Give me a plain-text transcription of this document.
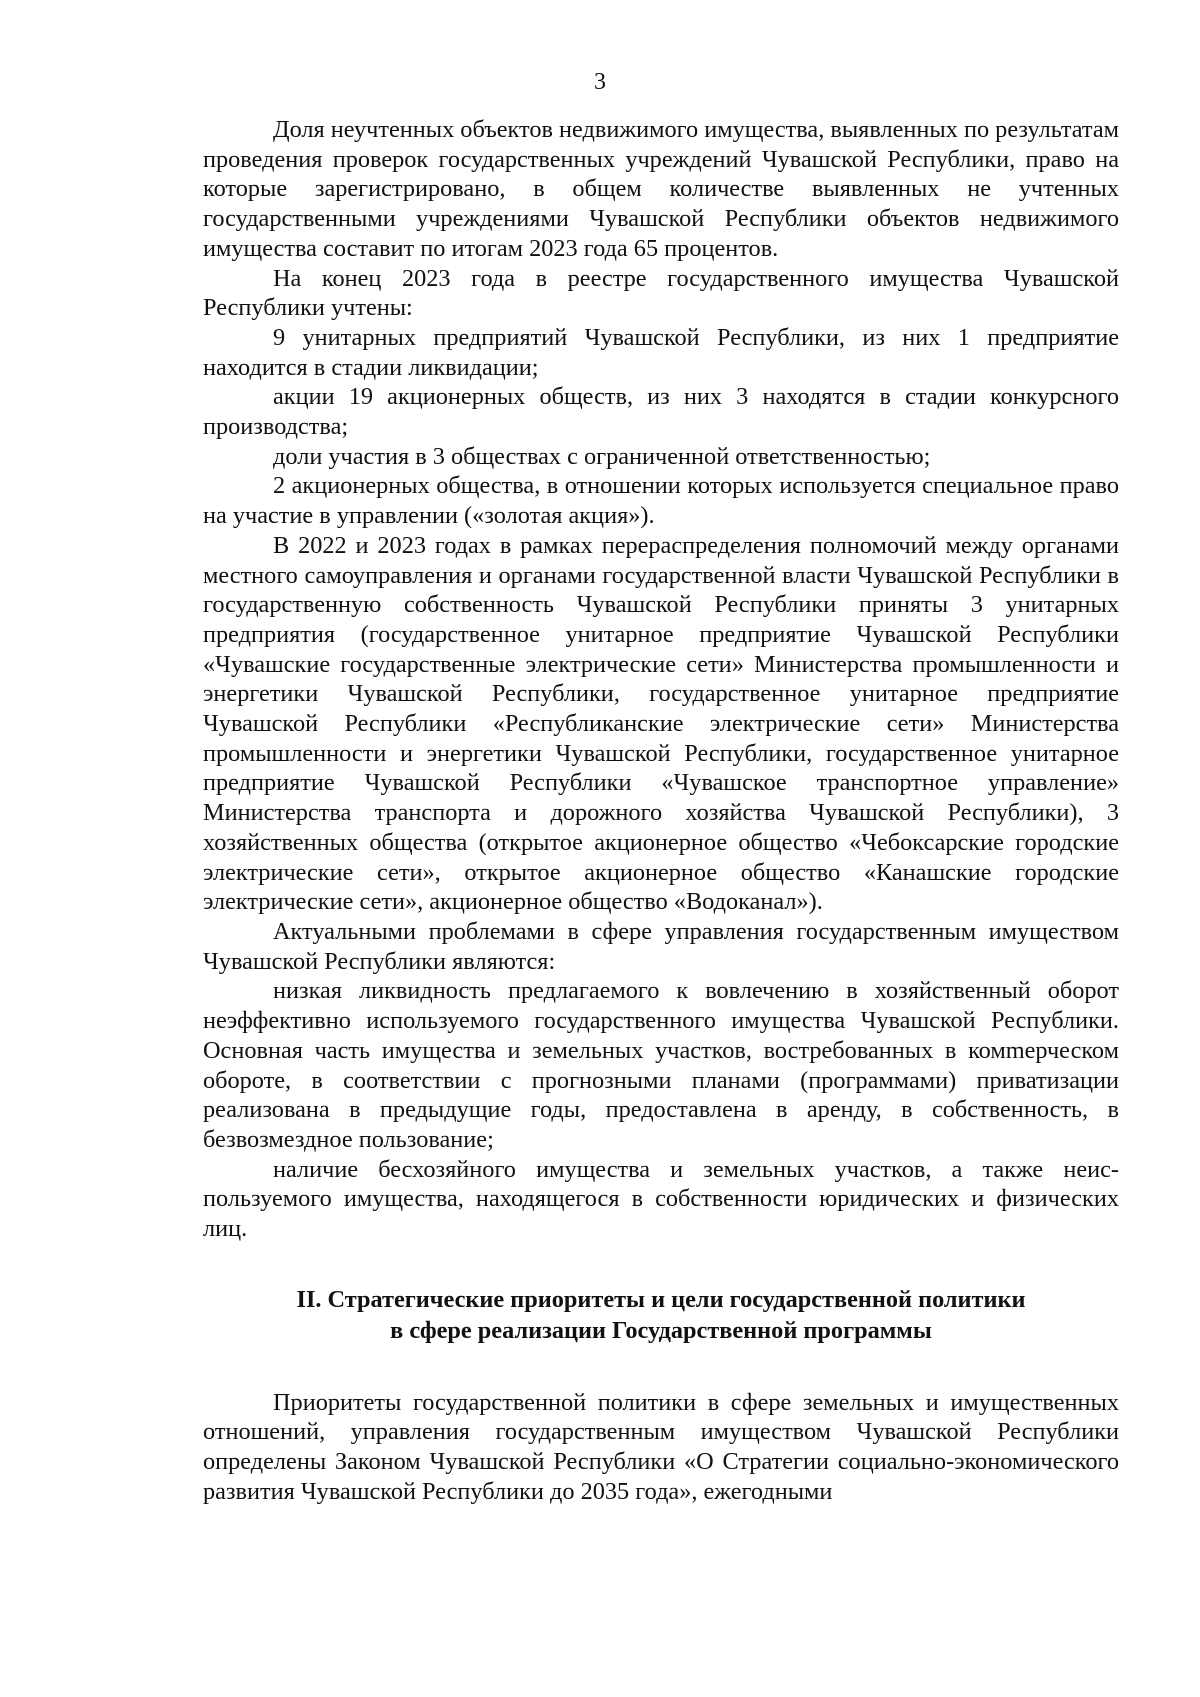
3

Доля неучтенных объектов недвижимого имущества, выявленных по результатам проведения проверок государственных учреждений Чувашской Республики, право на которые зарегистрировано, в общем количестве выявленных не учтенных государственными учреждениями Чувашской Республики объектов недвижимого имущества составит по итогам 2023 года 65 процентов.

На конец 2023 года в реестре государственного имущества Чувашской Республики учтены:

9 унитарных предприятий Чувашской Республики, из них 1 предприятие находится в стадии ликвидации;

акции 19 акционерных обществ, из них 3 находятся в стадии конкурсного производства;

доли участия в 3 обществах с ограниченной ответственностью;

2 акционерных общества, в отношении которых используется специальное право на участие в управлении («золотая акция»).

В 2022 и 2023 годах в рамках перераспределения полномочий между органами местного самоуправления и органами государственной власти Чувашской Республики в государственную собственность Чувашской Республики приняты 3 унитарных предприятия (государственное унитарное предприятие Чувашской Республики «Чувашские государственные электрические сети» Министерства промышленности и энергетики Чувашской Республики, государственное унитарное предприятие Чувашской Республики «Республиканские электрические сети» Министерства промышленности и энергетики Чувашской Республики, государственное унитарное предприятие Чувашской Республики «Чувашское транспортное управление» Министерства транспорта и дорожного хозяйства Чувашской Республики), 3 хозяйственных общества (открытое акционерное общество «Чебоксарские городские электрические сети», открытое акционерное общество «Канашские городские электрические сети», акционерное общество «Водоканал»).

Актуальными проблемами в сфере управления государственным имуществом Чувашской Республики являются:

низкая ликвидность предлагаемого к вовлечению в хозяйственный оборот неэффективно используемого государственного имущества Чувашской Республики. Основная часть имущества и земельных участков, востребованных в комmерческом обороте, в соответствии с прогнозными планами (программами) приватизации реализована в предыдущие годы, предоставлена в аренду, в собственность, в безвозмездное пользование;

наличие бесхозяйного имущества и земельных участков, а также неиспользуемого имущества, находящегося в собственности юридических и физических лиц.

II. Стратегические приоритеты и цели государственной политики
в сфере реализации Государственной программы

Приоритеты государственной политики в сфере земельных и имущественных отношений, управления государственным имуществом Чувашской Республики определены Законом Чувашской Республики «О Стратегии социально-экономического развития Чувашской Республики до 2035 года», ежегодными
